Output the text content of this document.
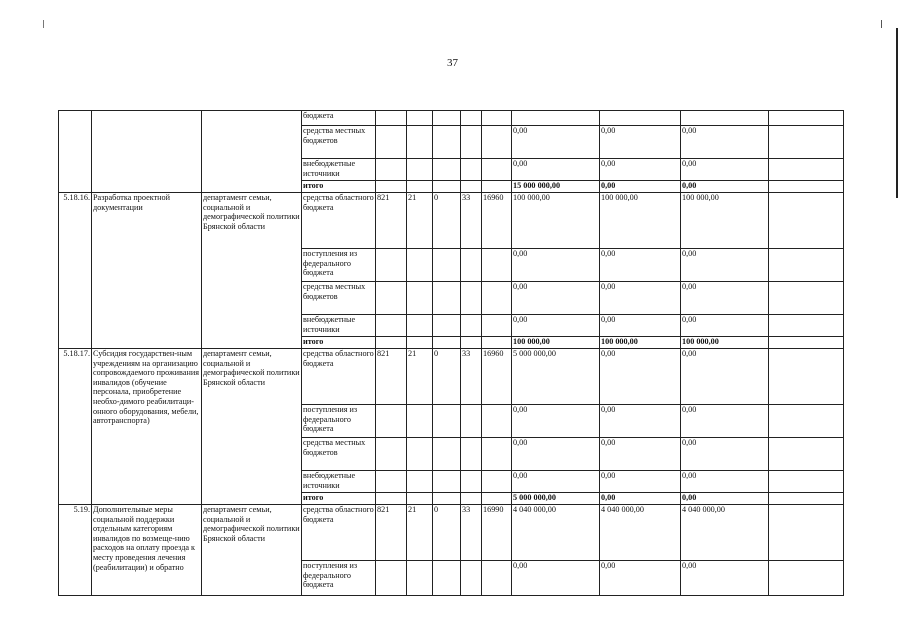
37
			бюджета									
			средства местных бюджетов						0,00	0,00	0,00	
			внебюджетные источники						0,00	0,00	0,00	
			итого						15 000 000,00	0,00	0,00	
5.18.16.	Разработка проектной документации	департамент семьи, социальной и демографической политики Брянской области	средства областного бюджета	821	21	0	33	16960	100 000,00	100 000,00	100 000,00	
			поступления из федерального бюджета						0,00	0,00	0,00	
			средства местных бюджетов						0,00	0,00	0,00	
			внебюджетные источники						0,00	0,00	0,00	
			итого						100 000,00	100 000,00	100 000,00	
5.18.17.	Субсидия государствен-ным учреждениям на организацию сопровождаемого проживания инвалидов (обучение персонала, приобретение необхо-димого реабилитаци-онного оборудования, мебели, автотранспорта)	департамент семьи, социальной и демографической политики Брянской области	средства областного бюджета	821	21	0	33	16960	5 000 000,00	0,00	0,00	
			поступления из федерального бюджета						0,00	0,00	0,00	
			средства местных бюджетов						0,00	0,00	0,00	
			внебюджетные источники						0,00	0,00	0,00	
			итого						5 000 000,00	0,00	0,00	
5.19.	Дополнительные меры социальной поддержки отдельным категориям инвалидов по возмеще-нию расходов на оплату проезда к месту проведения лечения (реабилитации) и обратно	департамент семьи, социальной и демографической политики Брянской области	средства областного бюджета	821	21	0	33	16990	4 040 000,00	4 040 000,00	4 040 000,00	
			поступления из федерального бюджета						0,00	0,00	0,00	
